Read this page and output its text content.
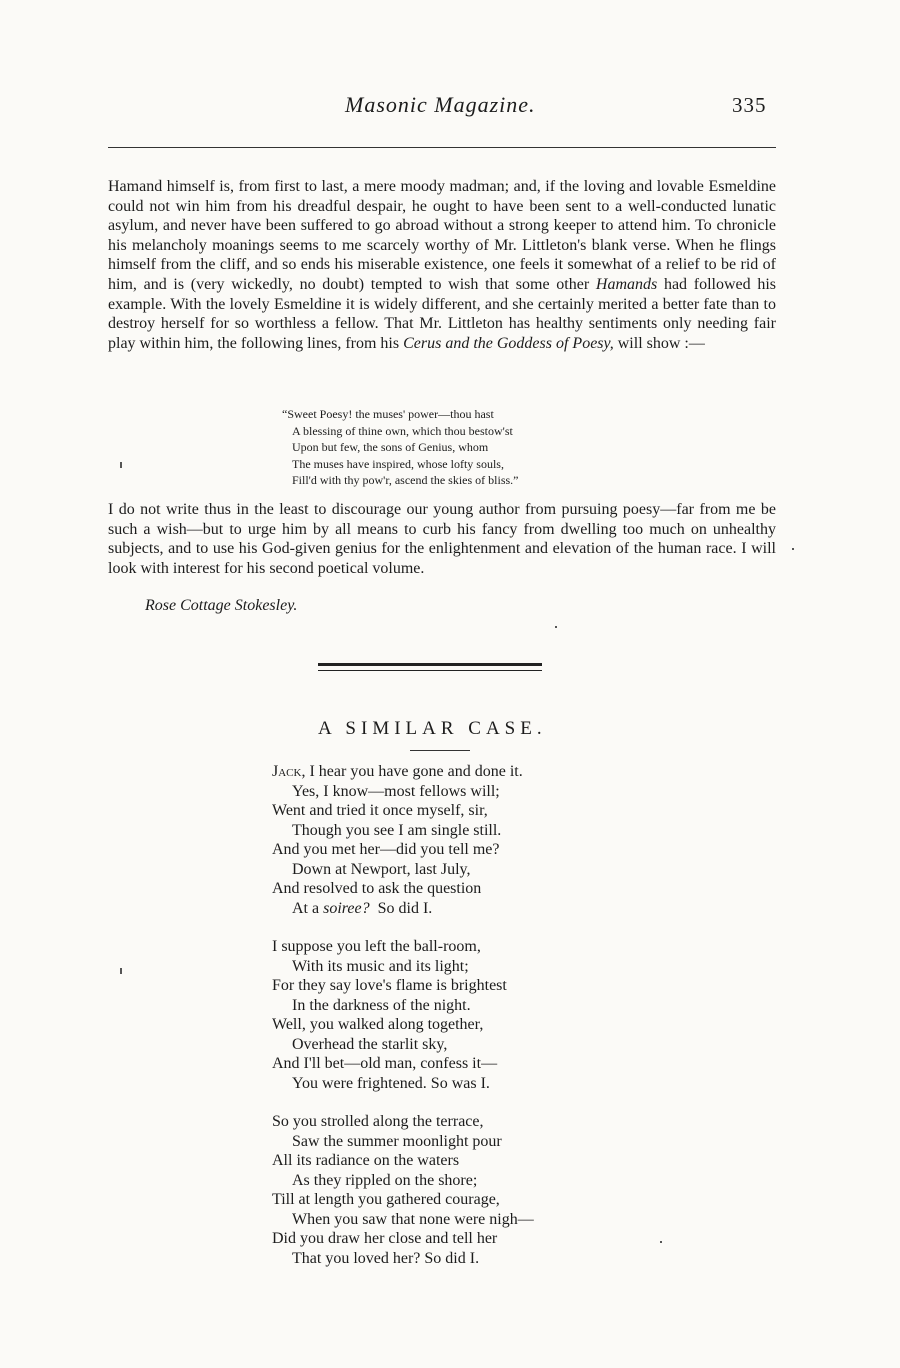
Masonic Magazine.	335

Hamand himself is, from first to last, a mere moody madman; and, if the loving and lovable Esmeldine could not win him from his dreadful despair, he ought to have been sent to a well-conducted lunatic asylum, and never have been suffered to go abroad without a strong keeper to attend him. To chronicle his melancholy moanings seems to me scarcely worthy of Mr. Littleton's blank verse. When he flings himself from the cliff, and so ends his miserable existence, one feels it somewhat of a relief to be rid of him, and is (very wickedly, no doubt) tempted to wish that some other Hamands had followed his example. With the lovely Esmeldine it is widely different, and she certainly merited a better fate than to destroy herself for so worthless a fellow. That Mr. Littleton has healthy sentiments only needing fair play within him, the following lines, from his Cerus and the Goddess of Poesy, will show :—

“Sweet Poesy! the muses' power—thou hast
A blessing of thine own, which thou bestow'st
Upon but few, the sons of Genius, whom
The muses have inspired, whose lofty souls,
Fill'd with thy pow'r, ascend the skies of bliss.”

I do not write thus in the least to discourage our young author from pursuing poesy—far from me be such a wish—but to urge him by all means to curb his fancy from dwelling too much on unhealthy subjects, and to use his God-given genius for the enlightenment and elevation of the human race. I will look with interest for his second poetical volume.

Rose Cottage Stokesley.
A SIMILAR CASE.
Jack, I hear you have gone and done it.
Yes, I know—most fellows will;
Went and tried it once myself, sir,
Though you see I am single still.
And you met her—did you tell me?
Down at Newport, last July,
And resolved to ask the question
At a soiree? So did I.
I suppose you left the ball-room,
With its music and its light;
For they say love's flame is brightest
In the darkness of the night.
Well, you walked along together,
Overhead the starlit sky,
And I'll bet—old man, confess it—
You were frightened. So was I.
So you strolled along the terrace,
Saw the summer moonlight pour
All its radiance on the waters
As they rippled on the shore;
Till at length you gathered courage,
When you saw that none were nigh—
Did you draw her close and tell her
That you loved her? So did I.
